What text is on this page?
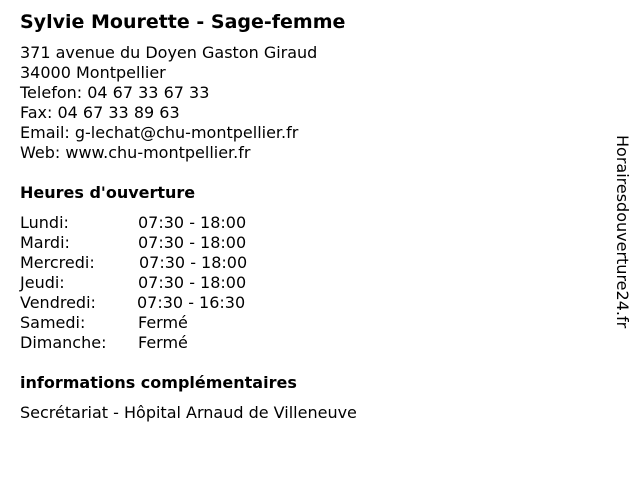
Sylvie Mourette - Sage-femme
371 avenue du Doyen Gaston Giraud
34000 Montpellier
Telefon: 04 67 33 67 33
Fax: 04 67 33 89 63
Email: g-lechat@chu-montpellier.fr
Web: www.chu-montpellier.fr
Heures d'ouverture
Lundi:	07:30 - 18:00
Mardi:	07:30 - 18:00
Mercredi:	07:30 - 18:00
Jeudi:	07:30 - 18:00
Vendredi:	07:30 - 16:30
Samedi:	Fermé
Dimanche: Fermé
informations complémentaires
Secrétariat - Hôpital Arnaud de Villeneuve
Horairesdouverture24.fr
